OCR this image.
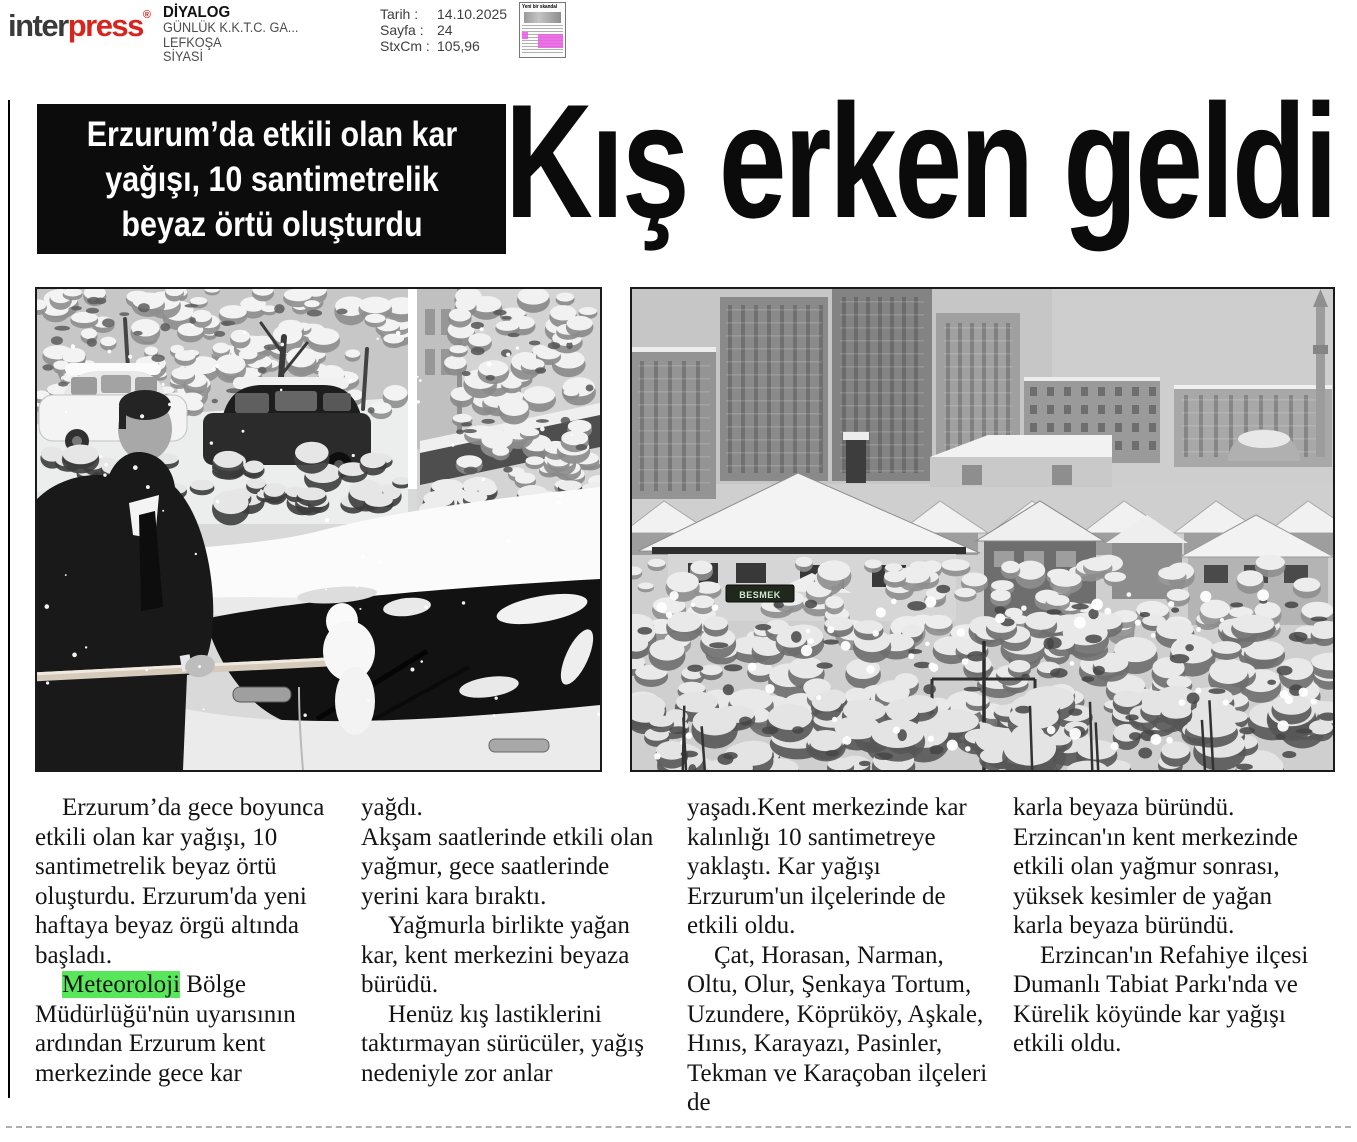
interpress® DİYALOG
GÜNLÜK K.K.T.C. GA...
LEFKOŞA
SİYASİ
Tarih : 14.10.2025
Sayfa : 24
StxCm : 105,96
Yeni bir skandal
Erzurum’da etkili olan kar
yağışı, 10 santimetrelik
beyaz örtü oluşturdu Kış erken geldi
BESMEK

Erzurum’da gece boyunca etkili olan kar yağışı, 10 santimetrelik beyaz örtü oluşturdu. Erzurum'da yeni haftaya beyaz örgü altında başladı.

Meteoroloji Bölge Müdürlüğü'nün uyarısının ardından Erzurum kent merkezinde gece kar

yağdı.

Akşam saatlerinde etkili olan yağmur, gece saatlerinde yerini kara bıraktı.

Yağmurla birlikte yağan kar, kent merkezini beyaza bürüdü.

Henüz kış lastiklerini taktırmayan sürücüler, yağış nedeniyle zor anlar

yaşadı.Kent merkezinde kar kalınlığı 10 santimetreye yaklaştı. Kar yağışı Erzurum'un ilçelerinde de etkili oldu.

Çat, Horasan, Narman, Oltu, Olur, Şenkaya Tortum, Uzundere, Köprüköy, Aşkale, Hınıs, Karayazı, Pasinler, Tekman ve Karaçoban ilçeleri de

karla beyaza büründü. Erzincan'ın kent merkezinde etkili olan yağmur sonrası, yüksek kesimler de yağan karla beyaza büründü.

Erzincan'ın Refahiye ilçesi Dumanlı Tabiat Parkı'nda ve Kürelik köyünde kar yağışı etkili oldu.
